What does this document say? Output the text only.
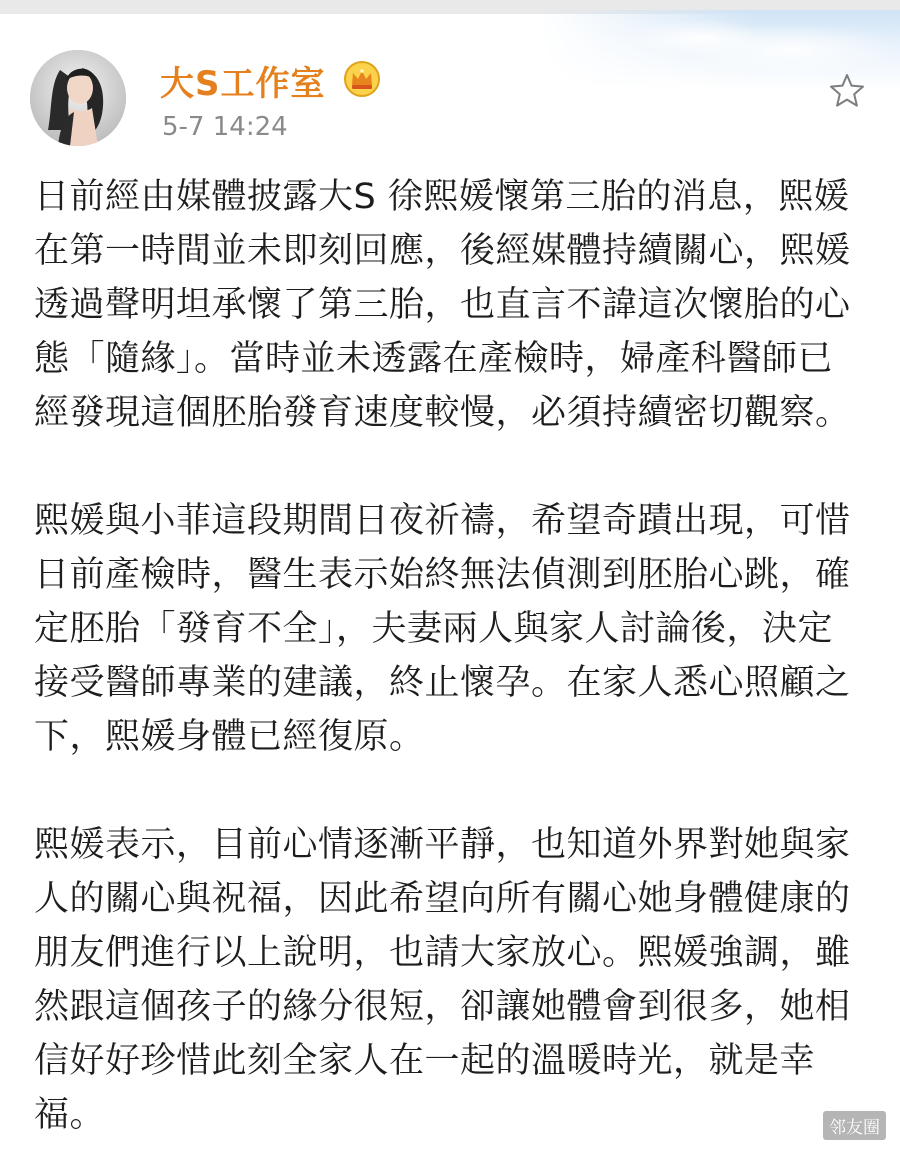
大S工作室
5-7 14:24

日前經由媒體披露大S 徐熙媛懷第三胎的消息，熙媛在第一時間並未即刻回應，後經媒體持續關心，熙媛透過聲明坦承懷了第三胎，也直言不諱這次懷胎的心態「隨緣」。當時並未透露在產檢時，婦產科醫師已經發現這個胚胎發育速度較慢，必須持續密切觀察。

熙媛與小菲這段期間日夜祈禱，希望奇蹟出現，可惜日前產檢時，醫生表示始終無法偵測到胚胎心跳，確定胚胎「發育不全」，夫妻兩人與家人討論後，決定接受醫師專業的建議，終止懷孕。在家人悉心照顧之下，熙媛身體已經復原。

熙媛表示，目前心情逐漸平靜，也知道外界對她與家人的關心與祝福，因此希望向所有關心她身體健康的朋友們進行以上說明，也請大家放心。熙媛強調，雖然跟這個孩子的緣分很短，卻讓她體會到很多，她相信好好珍惜此刻全家人在一起的溫暖時光，就是幸福。	邻友圈
